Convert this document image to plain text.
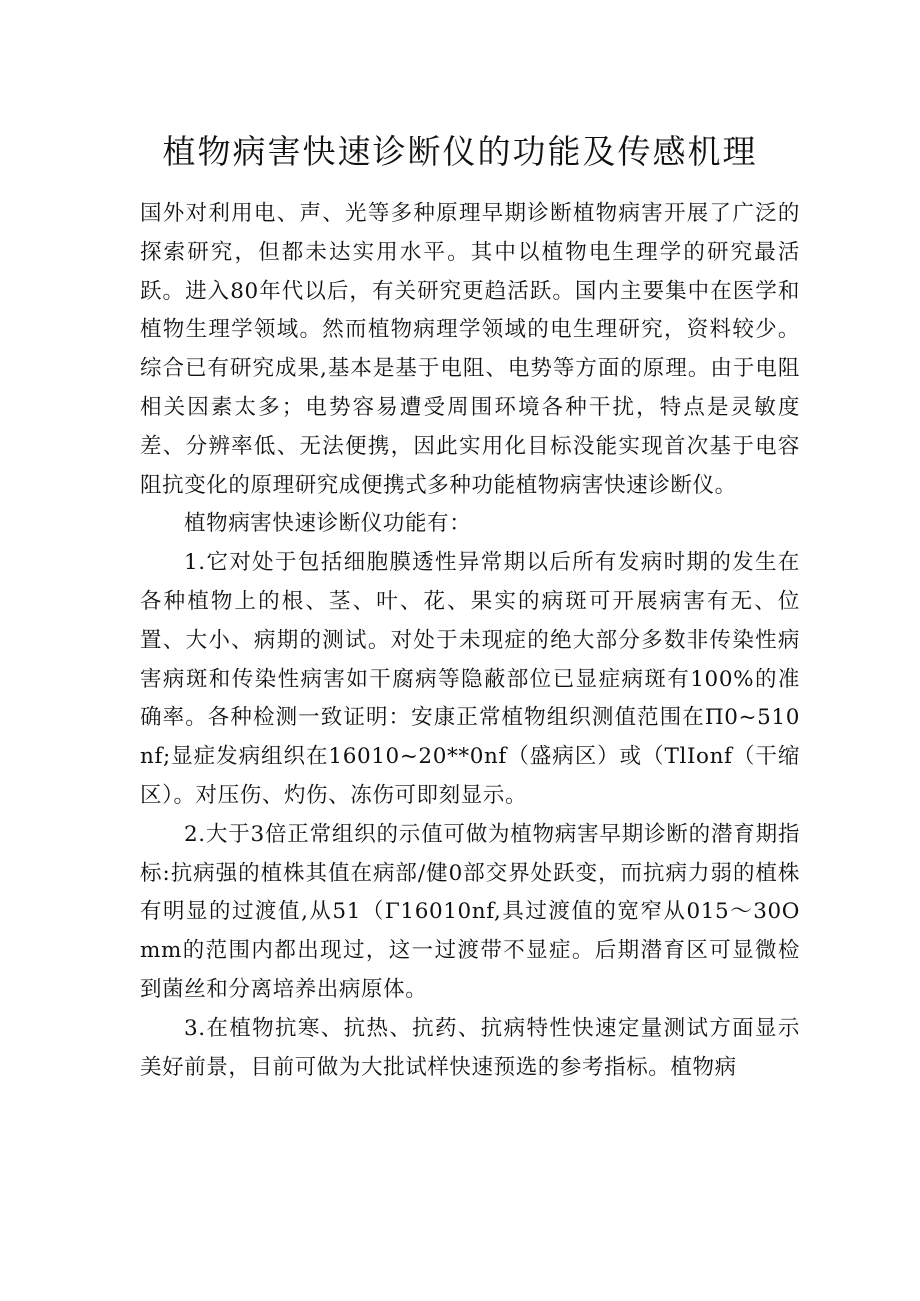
植物病害快速诊断仪的功能及传感机理

国外对利用电、声、光等多种原理早期诊断植物病害开展了广泛的探索研究，但都未达实用水平。其中以植物电生理学的研究最活跃。进入80年代以后，有关研究更趋活跃。国内主要集中在医学和植物生理学领域。然而植物病理学领域的电生理研究，资料较少。综合已有研究成果,基本是基于电阻、电势等方面的原理。由于电阻相关因素太多；电势容易遭受周围环境各种干扰，特点是灵敏度差、分辨率低、无法便携，因此实用化目标没能实现首次基于电容阻抗变化的原理研究成便携式多种功能植物病害快速诊断仪。

植物病害快速诊断仪功能有：

1.它对处于包括细胞膜透性异常期以后所有发病时期的发生在各种植物上的根、茎、叶、花、果实的病斑可开展病害有无、位置、大小、病期的测试。对处于未现症的绝大部分多数非传染性病害病斑和传染性病害如干腐病等隐蔽部位已显症病斑有100%的准确率。各种检测一致证明：安康正常植物组织测值范围在Π0~510nf;显症发病组织在16010~20**0nf（盛病区）或（TlIonf（干缩区）。对压伤、灼伤、冻伤可即刻显示。

2.大于3倍正常组织的示值可做为植物病害早期诊断的潜育期指标:抗病强的植株其值在病部/健0部交界处跃变，而抗病力弱的植株有明显的过渡值,从51（Γ16010nf,具过渡值的宽窄从015～30Omm的范围内都出现过，这一过渡带不显症。后期潜育区可显微检到菌丝和分离培养出病原体。

3.在植物抗寒、抗热、抗药、抗病特性快速定量测试方面显示美好前景，目前可做为大批试样快速预选的参考指标。植物病
